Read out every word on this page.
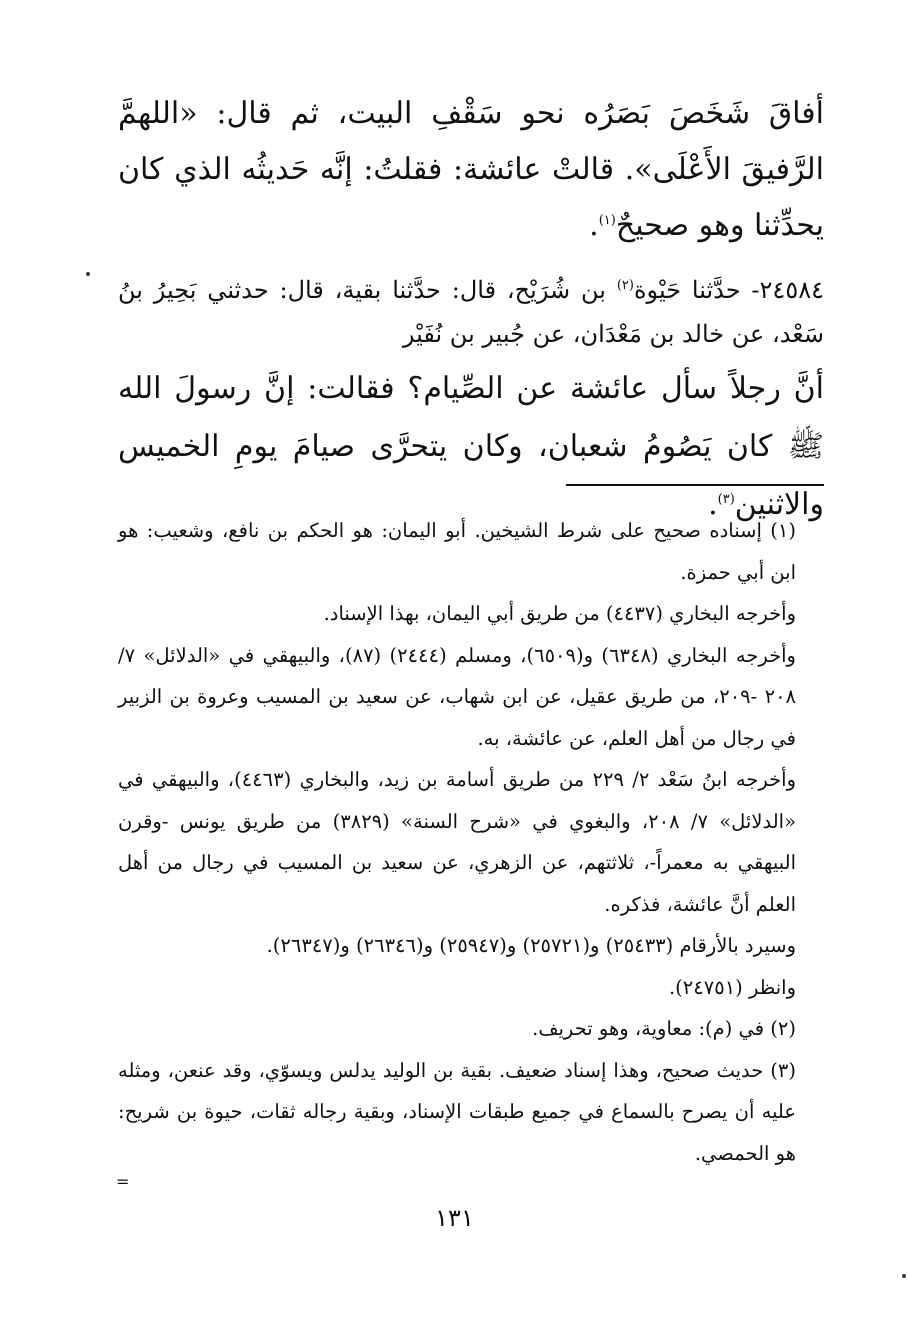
أفاقَ شَخَصَ بَصَرُه نحو سَقْفِ البيت، ثم قال: «اللهمَّ الرَّفيقَ الأَعْلَى». قالتْ عائشة: فقلتُ: إنَّه حَديثُه الذي كان يحدِّثنا وهو صحيحٌ$^{(١)}$.

٢٤٥٨٤- حدَّثنا حَيْوة$^{(٢)}$ بن شُرَيْح، قال: حدَّثنا بقية، قال: حدثني بَحِيرُ بنُ سَعْد، عن خالد بن مَعْدَان، عن جُبير بن نُفَيْر

أنَّ رجلاً سأل عائشة عن الصِّيام؟ فقالت: إنَّ رسولَ الله ﷺ كان يَصُومُ شعبان، وكان يتحرَّى صيامَ يومِ الخميس والاثنين$^{(٣)}$.

(١) إسناده صحيح على شرط الشيخين. أبو اليمان: هو الحكم بن نافع، وشعيب: هو ابن أبي حمزة.

وأخرجه البخاري (٤٤٣٧) من طريق أبي اليمان، بهذا الإسناد.

وأخرجه البخاري (٦٣٤٨) و(٦٥٠٩)، ومسلم (٢٤٤٤) (٨٧)، والبيهقي في «الدلائل» ٧/ ٢٠٨ -٢٠٩، من طريق عقيل، عن ابن شهاب، عن سعيد بن المسيب وعروة بن الزبير في رجال من أهل العلم، عن عائشة، به.

وأخرجه ابنُ سَعْد ٢/ ٢٢٩ من طريق أسامة بن زيد، والبخاري (٤٤٦٣)، والبيهقي في «الدلائل» ٧/ ٢٠٨، والبغوي في «شرح السنة» (٣٨٢٩) من طريق يونس -وقرن البيهقي به معمراً-، ثلاثتهم، عن الزهري، عن سعيد بن المسيب في رجال من أهل العلم أنَّ عائشة، فذكره.

وسيرد بالأرقام (٢٥٤٣٣) و(٢٥٧٢١) و(٢٥٩٤٧) و(٢٦٣٤٦) و(٢٦٣٤٧).

وانظر (٢٤٧٥١).

(٢) في (م): معاوية، وهو تحريف.

(٣) حديث صحيح، وهذا إسناد ضعيف. بقية بن الوليد يدلس ويسوّي، وقد عنعن، ومثله عليه أن يصرح بالسماع في جميع طبقات الإسناد، وبقية رجاله ثقات، حيوة بن شريح: هو الحمصي.

=
١٣١
